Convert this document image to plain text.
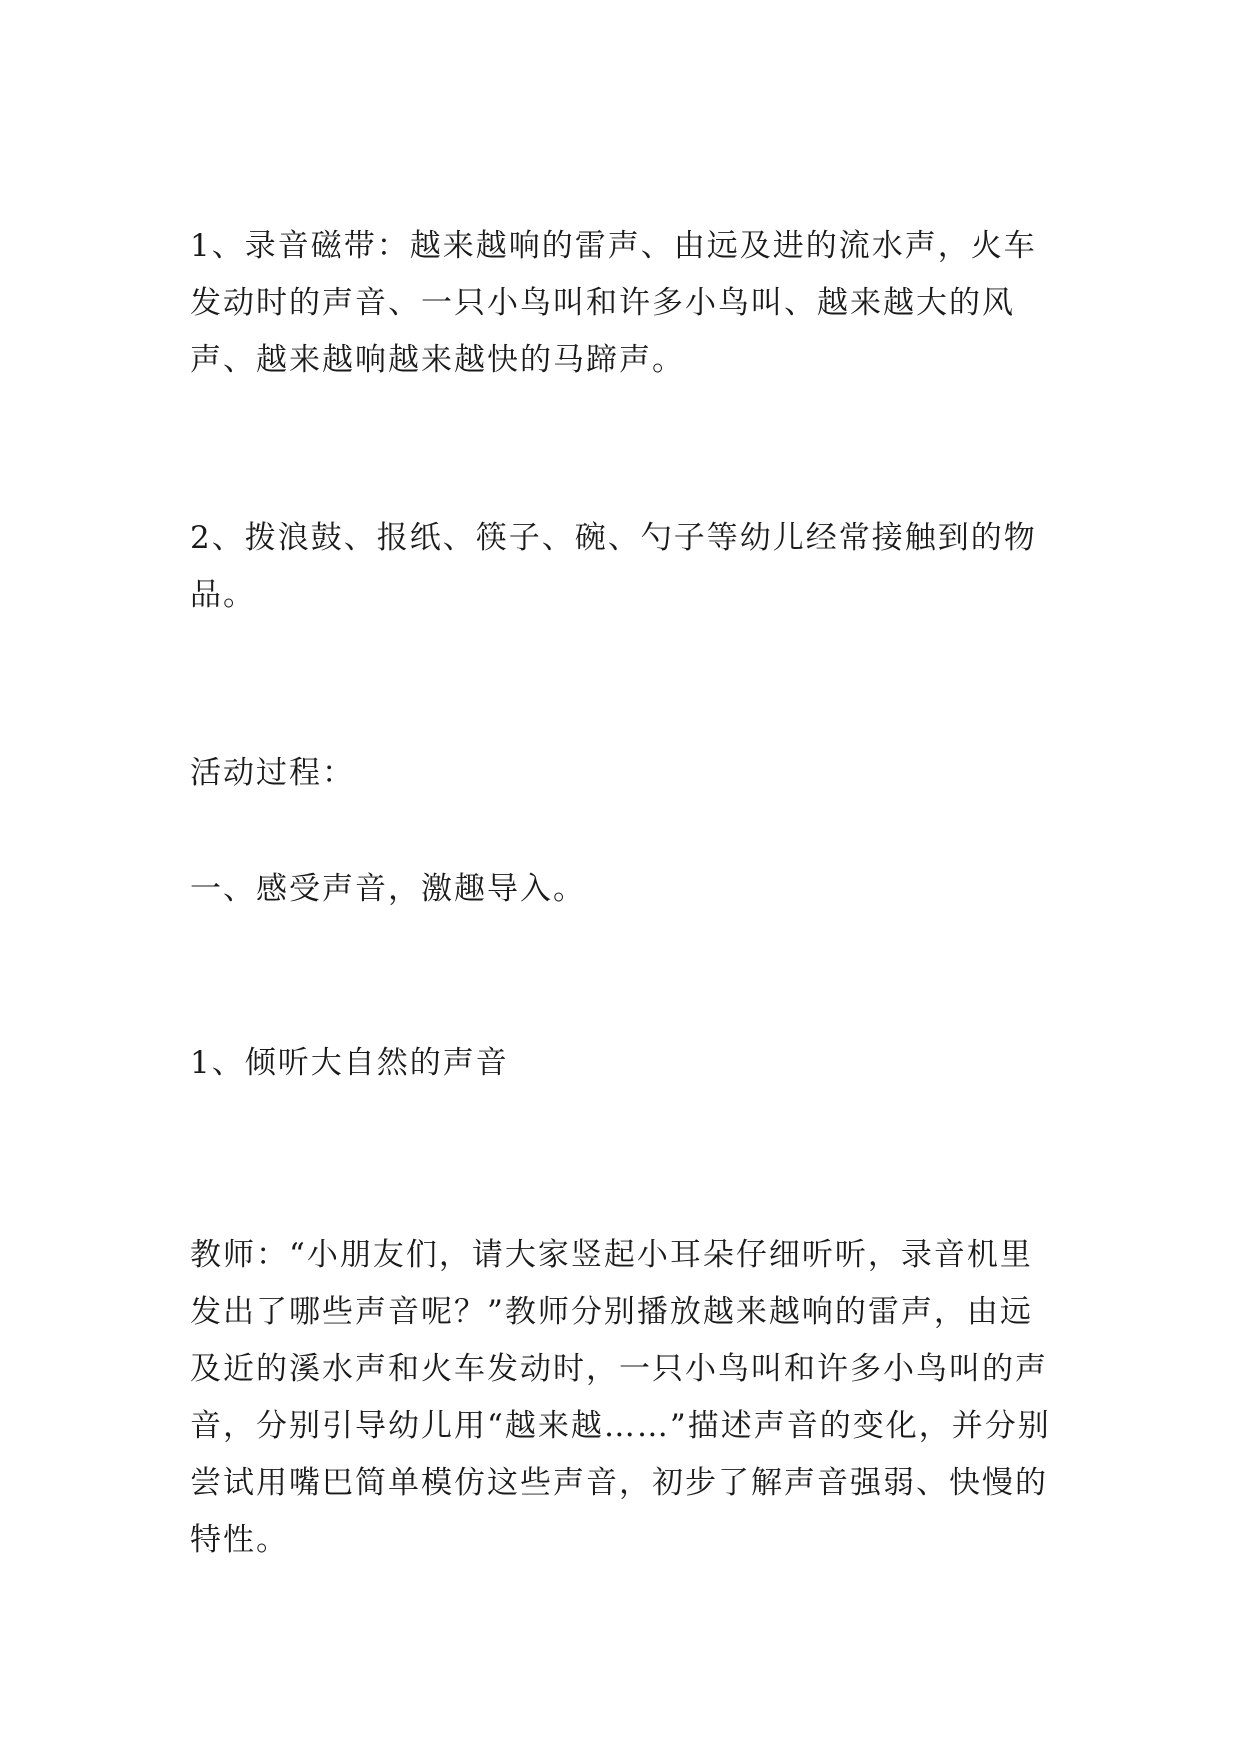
1、录音磁带：越来越响的雷声、由远及进的流水声，火车发动时的声音、一只小鸟叫和许多小鸟叫、越来越大的风声、越来越响越来越快的马蹄声。

2、拨浪鼓、报纸、筷子、碗、勺子等幼儿经常接触到的物品。

活动过程：

一、感受声音，激趣导入。

1、倾听大自然的声音

教师：“小朋友们，请大家竖起小耳朵仔细听听，录音机里发出了哪些声音呢？”教师分别播放越来越响的雷声，由远及近的溪水声和火车发动时，一只小鸟叫和许多小鸟叫的声音，分别引导幼儿用“越来越……”描述声音的变化，并分别尝试用嘴巴简单模仿这些声音，初步了解声音强弱、快慢的特性。
